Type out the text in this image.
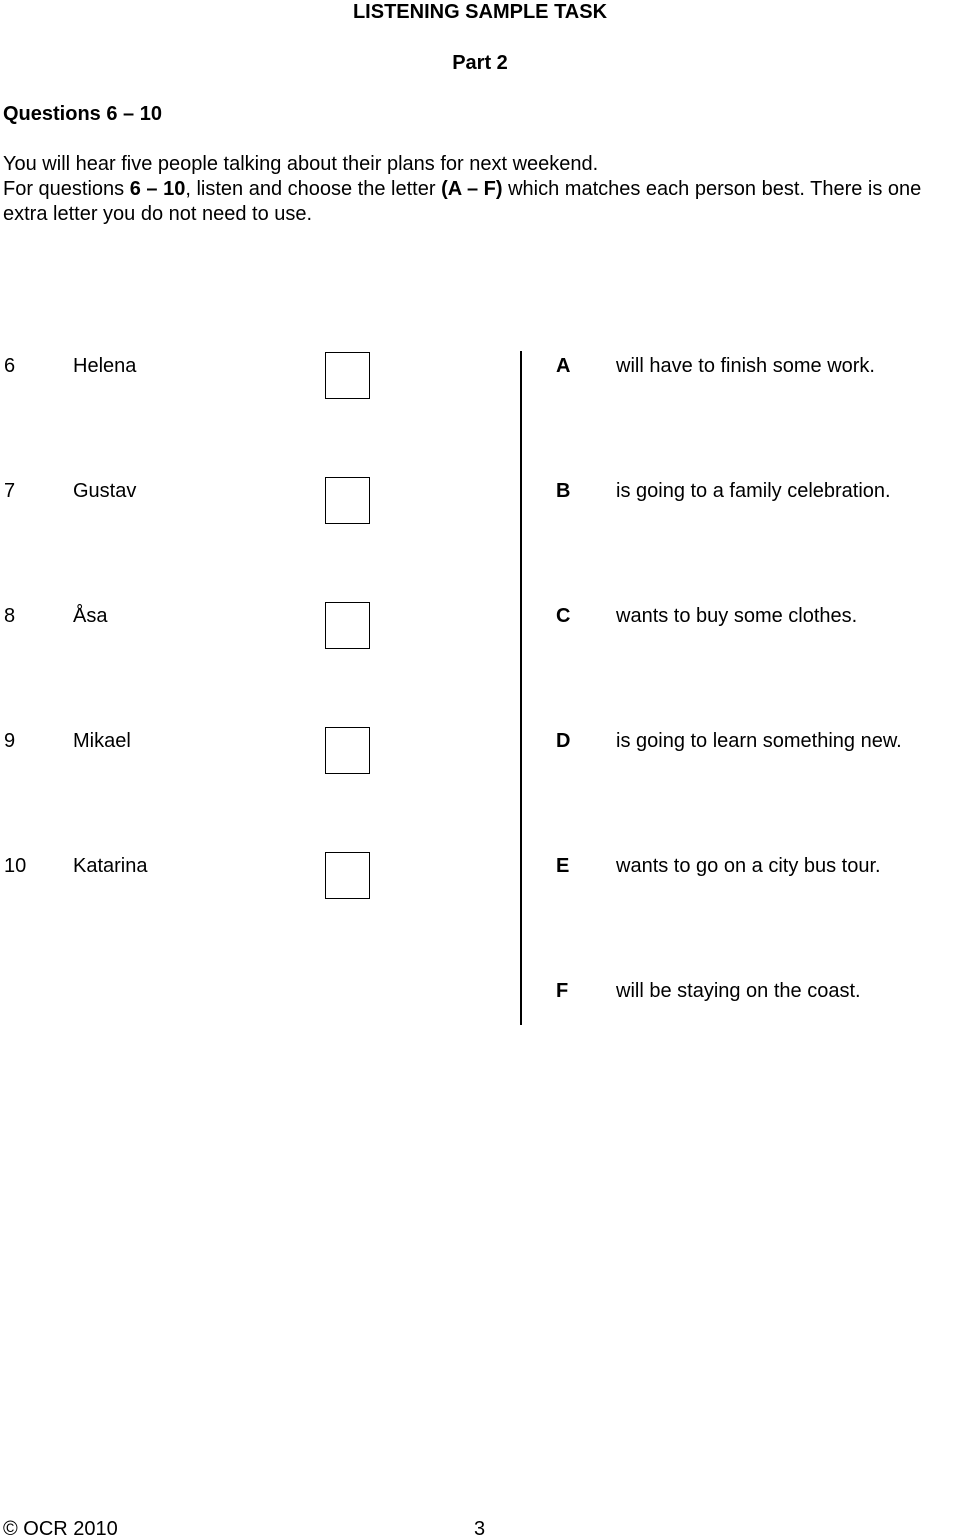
LISTENING SAMPLE TASK
Part 2
Questions 6 – 10

You will hear five people talking about their plans for next weekend.

For questions 6 – 10, listen and choose the letter (A – F) which matches each person best. There is one extra letter you do not need to use.

6	Helena
7	Gustav
8	Åsa
9	Mikael
10 Katarina
A will have to finish some work.
B is going to a family celebration.
C wants to buy some clothes.
D is going to learn something new.
E wants to go on a city bus tour.
F will be staying on the coast.
© OCR 2010	3
